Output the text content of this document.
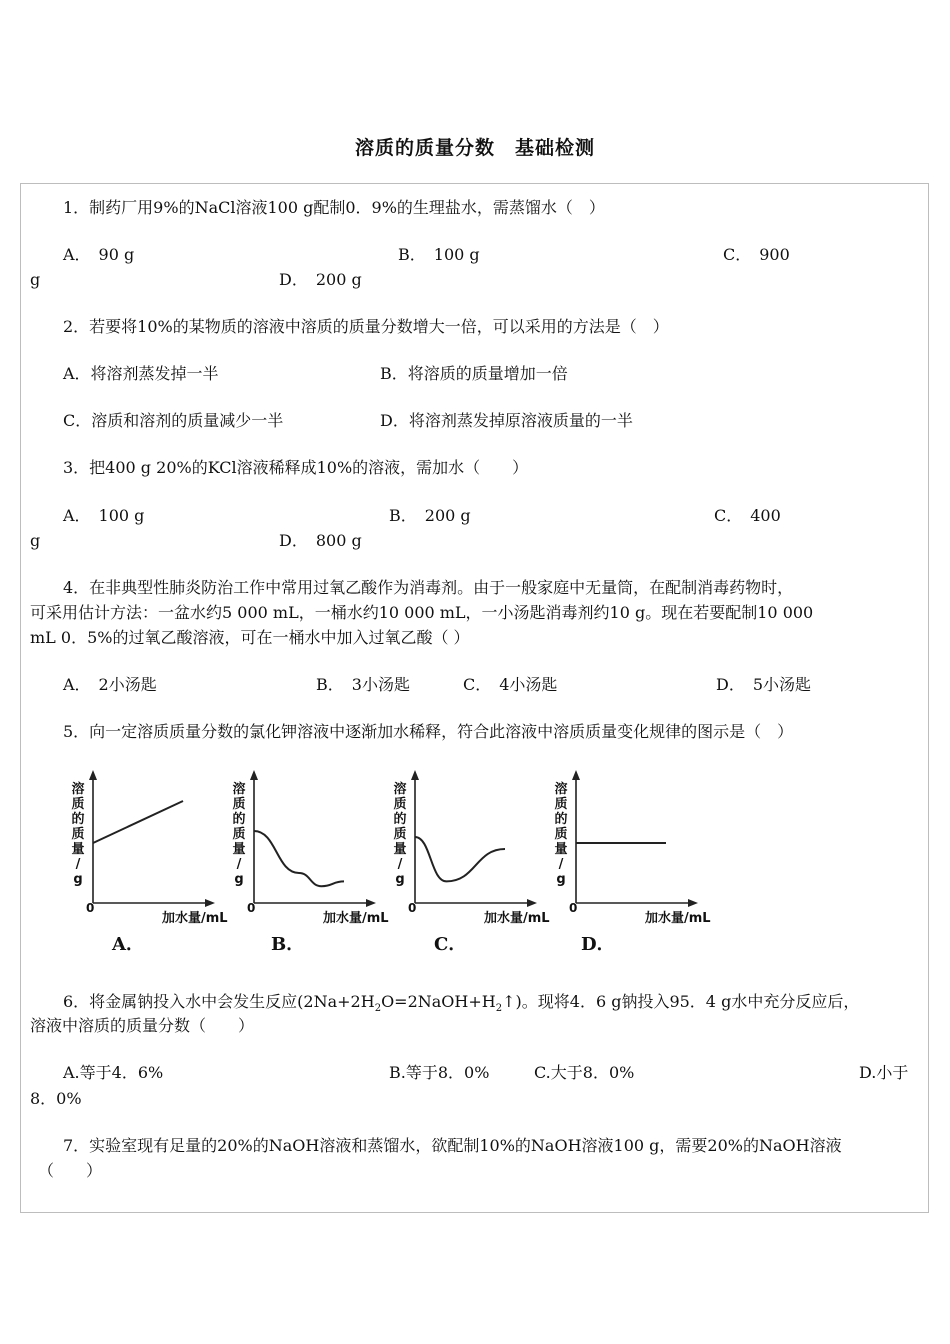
溶质的质量分数　基础检测
1．制药厂用9%的NaCl溶液100 g配制0．9%的生理盐水，需蒸馏水（　）
A．　90 g	B．　100 g	C．　900
g	D．　200 g
2．若要将10%的某物质的溶液中溶质的质量分数增大一倍，可以采用的方法是（　）
A．将溶剂蒸发掉一半	B．将溶质的质量增加一倍
C．溶质和溶剂的质量减少一半	D．将溶剂蒸发掉原溶液质量的一半
3．把400 g 20%的KCl溶液稀释成10%的溶液，需加水（　　）
A．　100 g	B．　200 g	C．　400
g	D．　800 g
4．在非典型性肺炎防治工作中常用过氧乙酸作为消毒剂。由于一般家庭中无量筒，在配制消毒药物时，
可采用估计方法：一盆水约5 000 mL，一桶水约10 000 mL，一小汤匙消毒剂约10 g。现在若要配制10 000
mL 0．5%的过氧乙酸溶液，可在一桶水中加入过氧乙酸（ ）
A．　2小汤匙	B．　3小汤匙	C．　4小汤匙	D．　5小汤匙
5．向一定溶质质量分数的氯化钾溶液中逐渐加水稀释，符合此溶液中溶质质量变化规律的图示是（　）
溶
质
的
质
量
/
g
0
加水量/mL
A．
溶
质
的
质
量
/
g
0
加水量/mL
B．
溶
质
的
质
量
/
g
0
加水量/mL
C．
溶
质
的
质
量
/
g
0
加水量/mL
D．
6．将金属钠投入水中会发生反应$(2Na+2H_2O=2NaOH+H_2↑)$。现将4．6 g钠投入95．4 g水中充分反应后，
溶液中溶质的质量分数（　　）
A.等于4．6%	B.等于8．0%	C.大于8．0%	D.小于
8．0%
7．实验室现有足量的20%的NaOH溶液和蒸馏水，欲配制10%的NaOH溶液100 g，需要20%的NaOH溶液
（　　）
